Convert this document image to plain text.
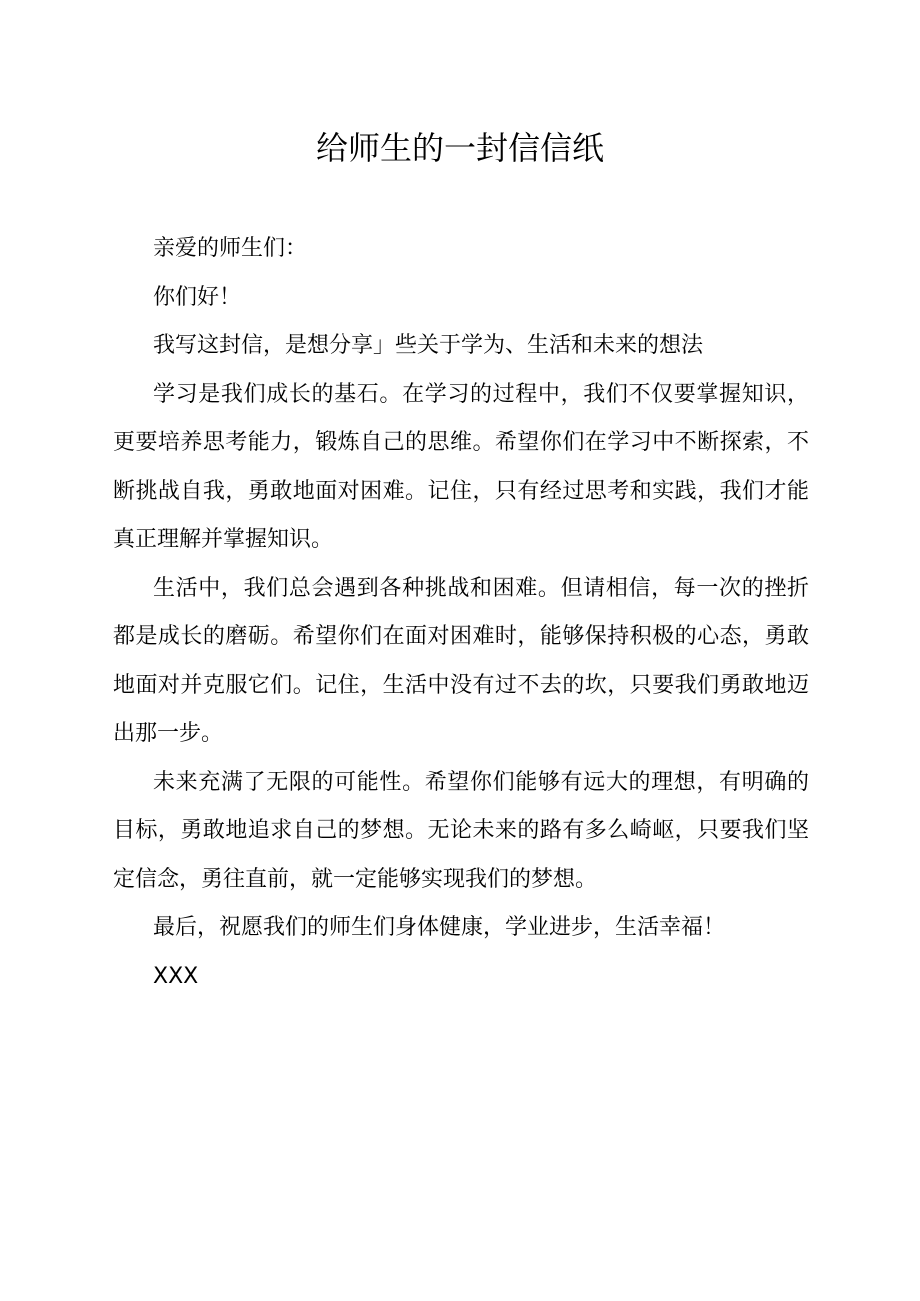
给师生的一封信信纸

亲爱的师生们：

你们好！

我写这封信，是想分享」些关于学为、生活和未来的想法

学习是我们成长的基石。在学习的过程中，我们不仅要掌握知识，更要培养思考能力，锻炼自己的思维。希望你们在学习中不断探索，不断挑战自我，勇敢地面对困难。记住，只有经过思考和实践，我们才能真正理解并掌握知识。

生活中，我们总会遇到各种挑战和困难。但请相信，每一次的挫折都是成长的磨砺。希望你们在面对困难时，能够保持积极的心态，勇敢地面对并克服它们。记住，生活中没有过不去的坎，只要我们勇敢地迈出那一步。

未来充满了无限的可能性。希望你们能够有远大的理想，有明确的目标，勇敢地追求自己的梦想。无论未来的路有多么崎岖，只要我们坚定信念，勇往直前，就一定能够实现我们的梦想。

最后，祝愿我们的师生们身体健康，学业进步，生活幸福！

XXX
